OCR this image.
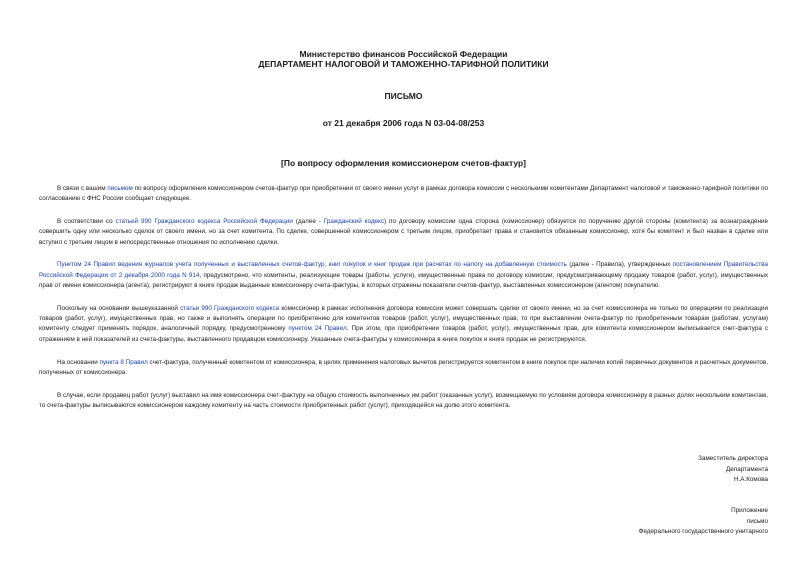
Министерство финансов Российской Федерации
ДЕПАРТАМЕНТ НАЛОГОВОЙ И ТАМОЖЕННО-ТАРИФНОЙ ПОЛИТИКИ
ПИСЬМО
от 21 декабря 2006 года N 03-04-08/253
[По вопросу оформления комиссионером счетов-фактур]

В связи с вашим письмом по вопросу оформления комиссионером счетов-фактур при приобретении от своего имени услуг в рамках договора комиссии с несколькими комитентами Департамент налоговой и таможенно-тарифной политики по согласованию с ФНС России сообщает следующее.

В соответствии со статьей 990 Гражданского кодекса Российской Федерации (далее - Гражданский кодекс) по договору комиссии одна сторона (комиссионер) обязуется по поручению другой стороны (комитента) за вознаграждение совершить одну или несколько сделок от своего имени, но за счет комитента. По сделке, совершенной комиссионером с третьим лицом, приобретает права и становится обязанным комиссионер, хотя бы комитент и был назван в сделке или вступил с третьим лицом в непосредственные отношения по исполнению сделки.

Пунктом 24 Правил ведения журналов учета полученных и выставленных счетов-фактур, книг покупок и книг продаж при расчетах по налогу на добавленную стоимость (далее - Правила), утвержденных постановлением Правительства Российской Федерации от 2 декабря 2000 года N 914, предусмотрено, что комитенты, реализующие товары (работы, услуги), имущественные права по договору комиссии, предусматривающему продажу товаров (работ, услуг), имущественных прав от имени комиссионера (агента), регистрируют в книге продаж выданные комиссионеру счета-фактуры, в которых отражены показатели счетов-фактур, выставленных комиссионером (агентом) покупателю.

Поскольку на основании вышеуказанной статьи 990 Гражданского кодекса комиссионер в рамках исполнения договора комиссии может совершать сделки от своего имени, но за счет комиссионера не только по операциям по реализации товаров (работ, услуг), имущественных прав, но также и выполнять операции по приобретению для комитентов товаров (работ, услуг), имущественных прав, то при выставлении счета-фактур по приобретенным товарам (работам, услугам) комитенту следует применять порядок, аналогичный порядку, предусмотренному пунктом 24 Правил. При этом, при приобретении товаров (работ, услуг), имущественных прав, для комитента комиссионером выписывается счет-фактура с отражением в ней показателей из счета-фактуры, выставленного продавцом комиссионеру. Указанные счета-фактуры у комиссионера в книге покупок и книге продаж не регистрируются.

На основании пункта 8 Правил счет-фактура, полученный комитентом от комиссионера, в целях применения налоговых вычетов регистрируется комитентом в книге покупок при наличии копий первичных документов и расчетных документов, полученных от комиссионера.

В случае, если продавец работ (услуг) выставил на имя комиссионера счет-фактуру на общую стоимость выполненных им работ (оказанных услуг), возмещаемую по условиям договора комиссионеру в разных долях нескольким комитентам, то счета-фактуры выписываются комиссионером каждому комитенту на часть стоимости приобретенных работ (услуг), приходящейся на долю этого комитента.

Заместитель директора
Департамента
Н.А.Комова
Приложение
письмо
Федерального государственного унитарного
